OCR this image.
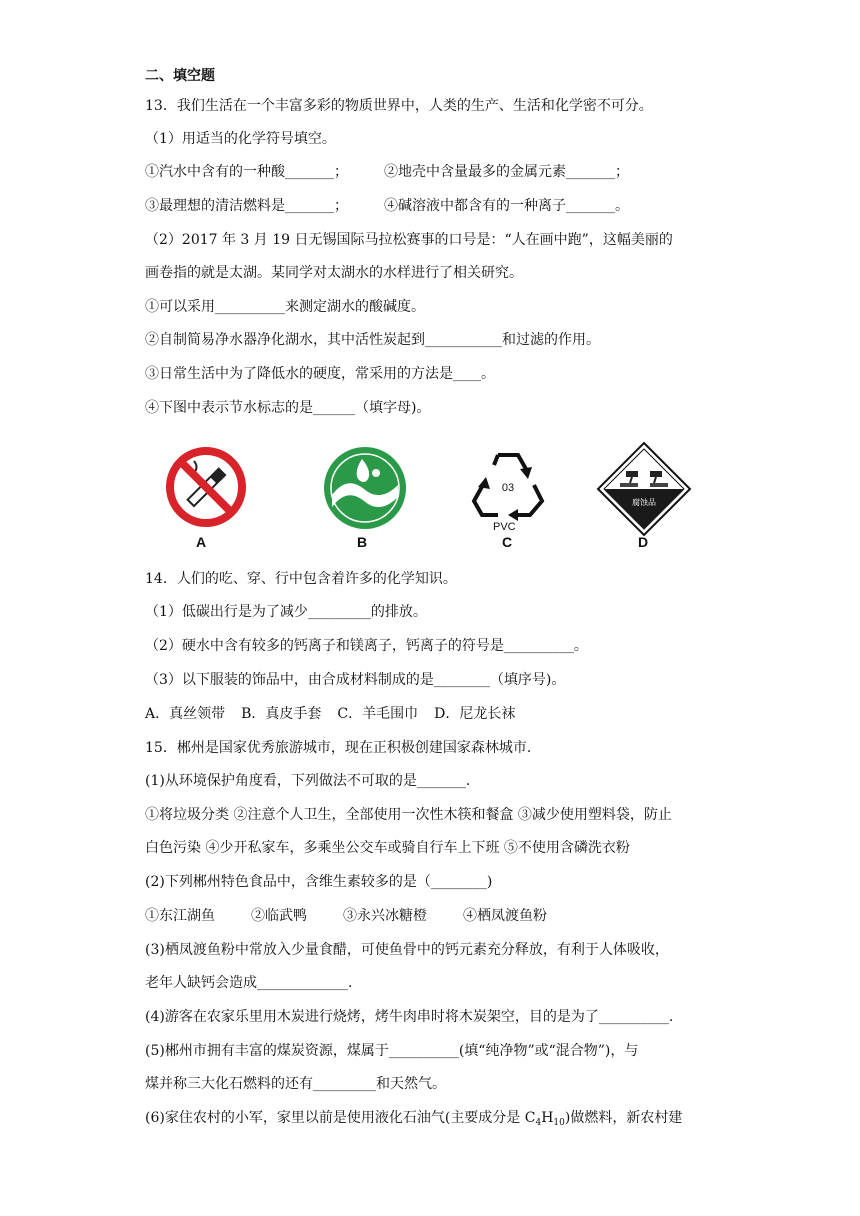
二、填空题
13．我们生活在一个丰富多彩的物质世界中，人类的生产、生活和化学密不可分。
（1）用适当的化学符号填空。
①汽水中含有的一种酸_______；	②地壳中含量最多的金属元素_______；
③最理想的清洁燃料是_______；	④碱溶液中都含有的一种离子_______。
（2）2017 年 3 月 19 日无锡国际马拉松赛事的口号是：“人在画中跑”，这幅美丽的
画卷指的就是太湖。某同学对太湖水的水样进行了相关研究。
①可以采用__________来测定湖水的酸碱度。
②自制简易净水器净化湖水，其中活性炭起到___________和过滤的作用。
③日常生活中为了降低水的硬度，常采用的方法是____。
④下图中表示节水标志的是______（填字母)。
A	B
03
PVC
C
腐蚀品
D
14．人们的吃、穿、行中包含着许多的化学知识。
（1）低碳出行是为了减少_________的排放。
（2）硬水中含有较多的钙离子和镁离子，钙离子的符号是__________。
（3）以下服装的饰品中，由合成材料制成的是________（填序号)。
A．真丝领带 B．真皮手套 C．羊毛围巾 D．尼龙长袜
15．郴州是国家优秀旅游城市，现在正积极创建国家森林城市.
(1)从环境保护角度看，下列做法不可取的是_______.
①将垃圾分类 ②注意个人卫生，全部使用一次性木筷和餐盒 ③减少使用塑料袋，防止
白色污染 ④少开私家车，多乘坐公交车或骑自行车上下班 ⑤不使用含磷洗衣粉
(2)下列郴州特色食品中，含维生素较多的是（________)
①东江湖鱼	②临武鸭	③永兴冰糖橙	④栖凤渡鱼粉
(3)栖凤渡鱼粉中常放入少量食醋，可使鱼骨中的钙元素充分释放，有利于人体吸收，
老年人缺钙会造成_____________.
(4)游客在农家乐里用木炭进行烧烤，烤牛肉串时将木炭架空，目的是为了__________.
(5)郴州市拥有丰富的煤炭资源，煤属于__________(填“纯净物”或“混合物”)，与
煤并称三大化石燃料的还有_________和天然气。
(6)家住农村的小军，家里以前是使用液化石油气(主要成分是 $C_4H_{10}$)做燃料，新农村建
